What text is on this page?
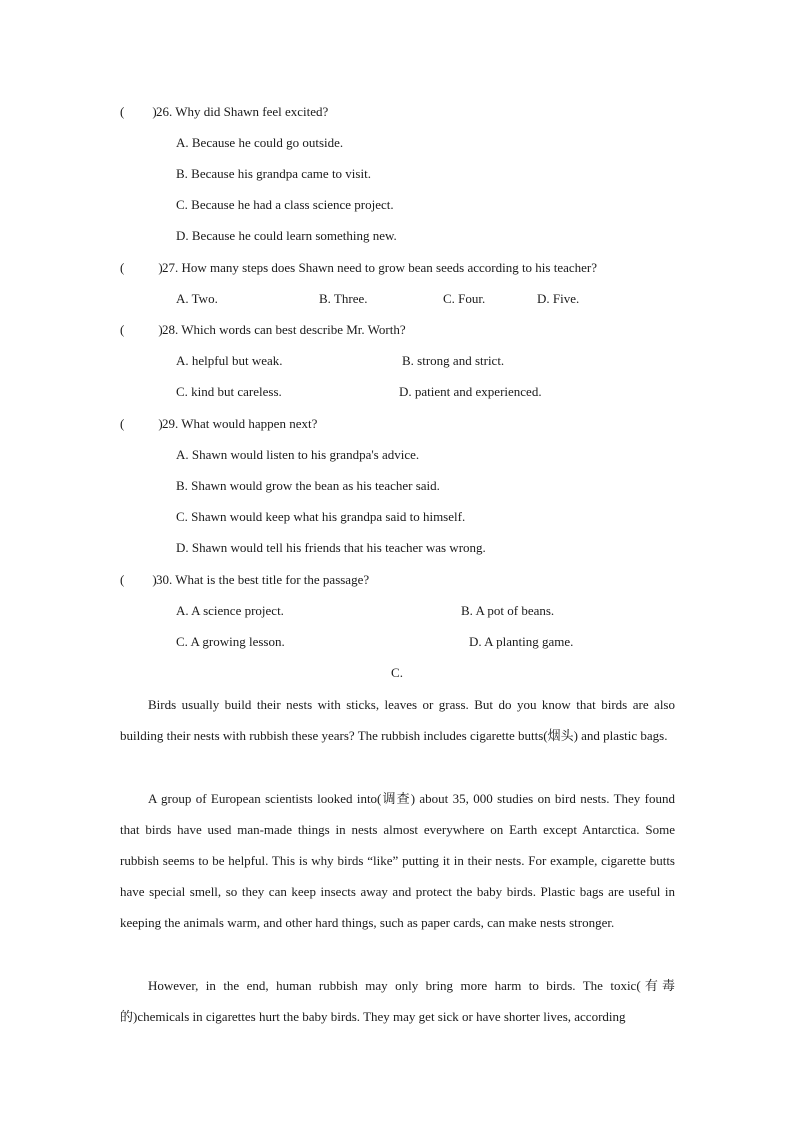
( ) 26. Why did Shawn feel excited?
A. Because he could go outside.
B. Because his grandpa came to visit.
C. Because he had a class science project.
D. Because he could learn something new.
(	) 27. How many steps does Shawn need to grow bean seeds according to his teacher?
A. Two.	B. Three.	C. Four.	D. Five.
(	) 28. Which words can best describe Mr. Worth?
A. helpful but weak.	B. strong and strict.
C. kind but careless.	D. patient and experienced.
(	) 29. What would happen next?
A. Shawn would listen to his grandpa's advice.
B. Shawn would grow the bean as his teacher said.
C. Shawn would keep what his grandpa said to himself.
D. Shawn would tell his friends that his teacher was wrong.
( ) 30. What is the best title for the passage?
A. A science project.	B. A pot of beans.
C. A growing lesson.	D. A planting game.
C.

Birds usually build their nests with sticks, leaves or grass. But do you know that birds are also building their nests with rubbish these years? The rubbish includes cigarette butts(烟头) and plastic bags.

A group of European scientists looked into(调查) about 35, 000 studies on bird nests. They found that birds have used man-made things in nests almost everywhere on Earth except Antarctica. Some rubbish seems to be helpful. This is why birds “like” putting it in their nests. For example, cigarette butts have special smell, so they can keep insects away and protect the baby birds. Plastic bags are useful in keeping the animals warm, and other hard things, such as paper cards, can make nests stronger.

However, in the end, human rubbish may only bring more harm to birds. The toxic(有毒的)chemicals in cigarettes hurt the baby birds. They may get sick or have shorter lives, according
